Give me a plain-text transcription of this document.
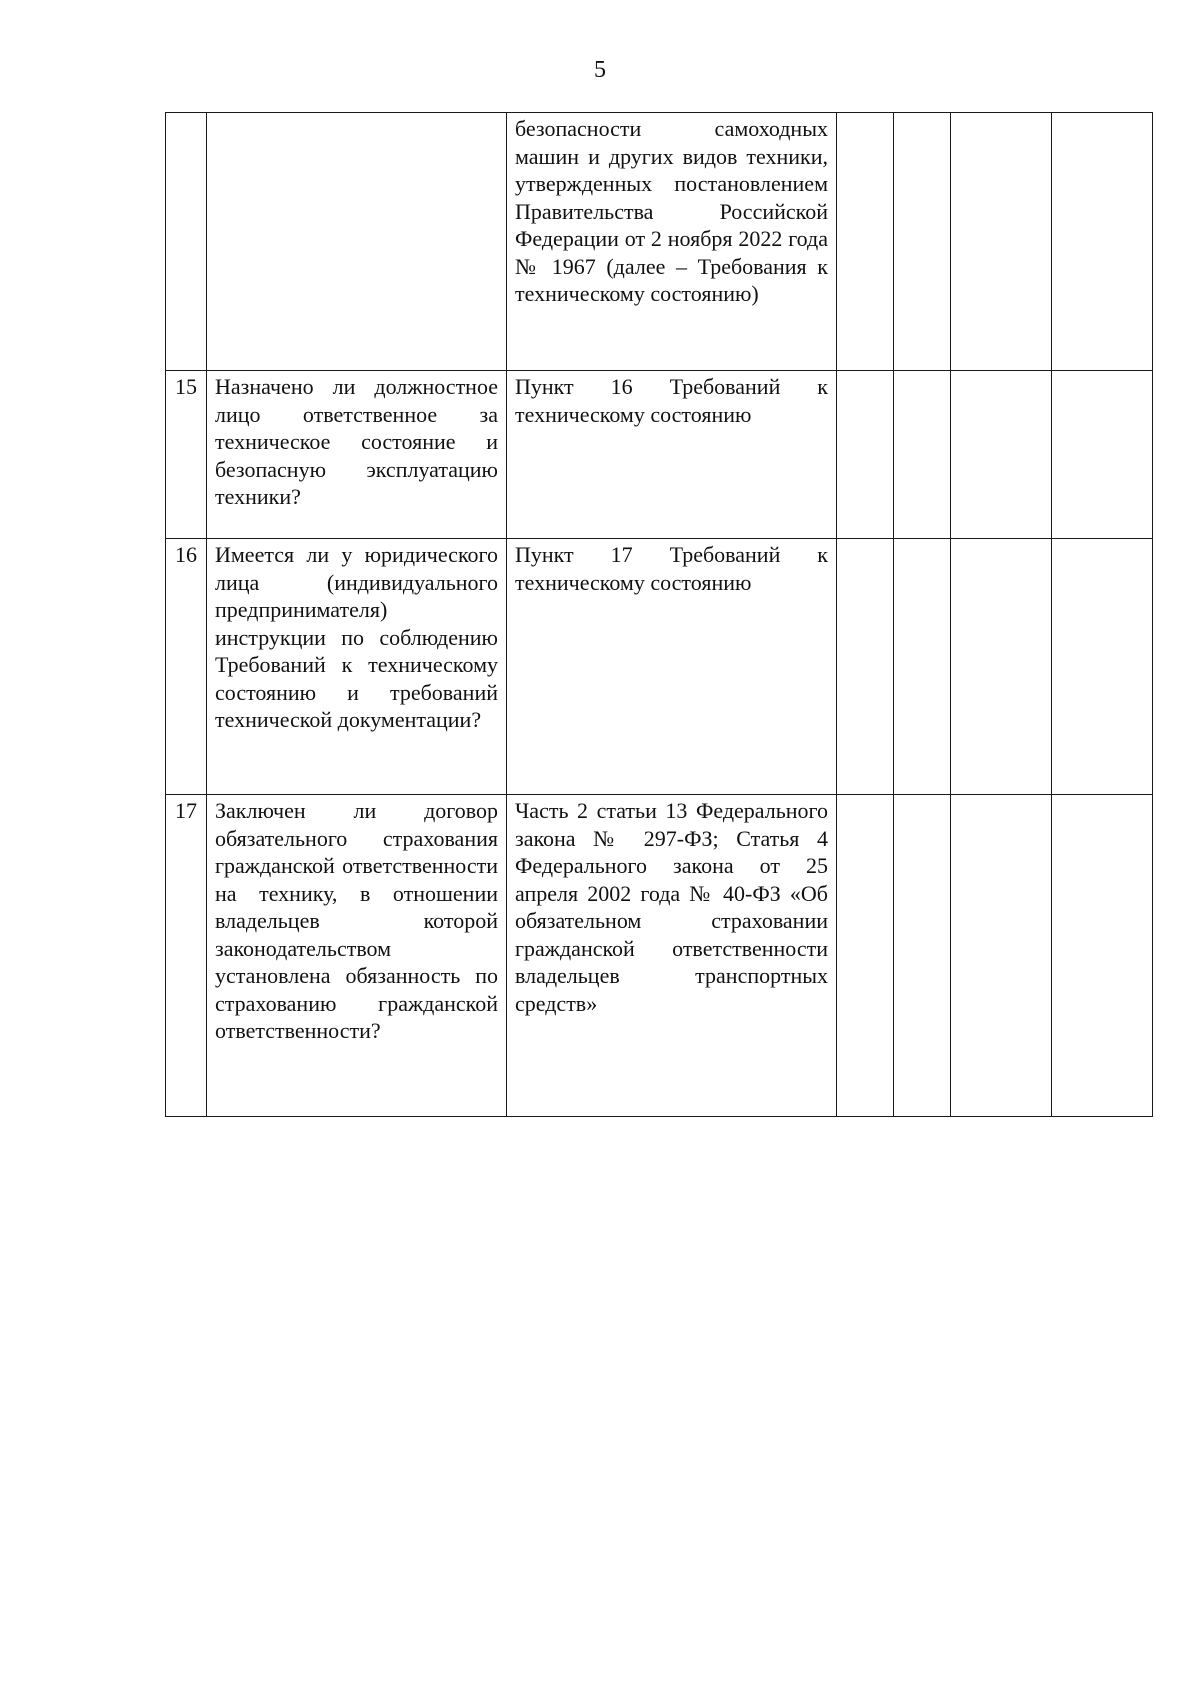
5
		безопасности самоходных машин и других видов техники, утвержденных постановлением Правительства Российской Федерации от 2 ноября 2022 года № 1967 (далее – Требования к техническому состоянию)				
15	Назначено ли должностное лицо ответственное за техническое состояние и безопасную эксплуатацию техники?	Пункт 16 Требований к техническому состоянию				
16	Имеется ли у юридического лица (индивидуального предпринимателя) инструкции по соблюдению Требований к техническому состоянию и требований технической документации?	Пункт 17 Требований к техническому состоянию				
17	Заключен ли договор обязательного страхования гражданской ответственности на технику, в отношении владельцев которой законодательством установлена обязанность по страхованию гражданской ответственности?	Часть 2 статьи 13 Федерального закона № 297-ФЗ; Статья 4 Федерального закона от 25 апреля 2002 года № 40-ФЗ «Об обязательном страховании гражданской ответственности владельцев транспортных средств»				
